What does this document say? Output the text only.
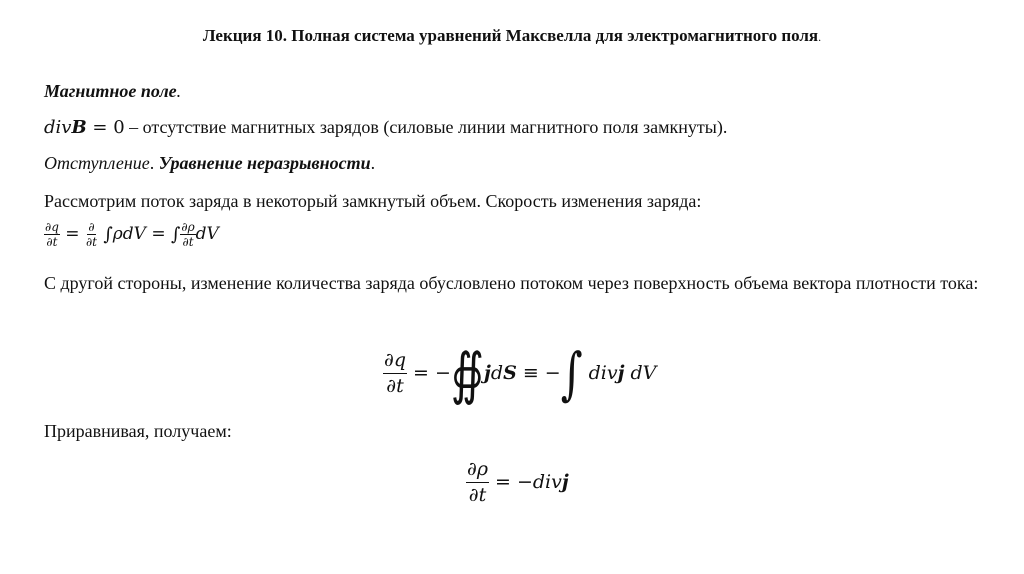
Лекция 10. Полная система уравнений Максвелла для электромагнитного поля.
Магнитное поле.
divB = 0 – отсутствие магнитных зарядов (силовые линии магнитного поля замкнуты).
Отступление. Уравнение неразрывности.
Рассмотрим поток заряда в некоторый замкнутый объем. Скорость изменения заряда:
$\frac{\partial q}{\partial t} = \frac{\partial}{\partial t} \int\rho dV$ = ∫ $\frac{\partial\rho}{\partial t}$ dV
С другой стороны, изменение количества заряда обусловлено потоком через поверхность объема вектора плотности тока:
$\frac{\partial q}{\partial t}$ = − ∯ j d S ≡ − ∫ div j dV
Приравнивая, получаем:
$\frac{\partial\rho}{\partial t}$ = − div j
